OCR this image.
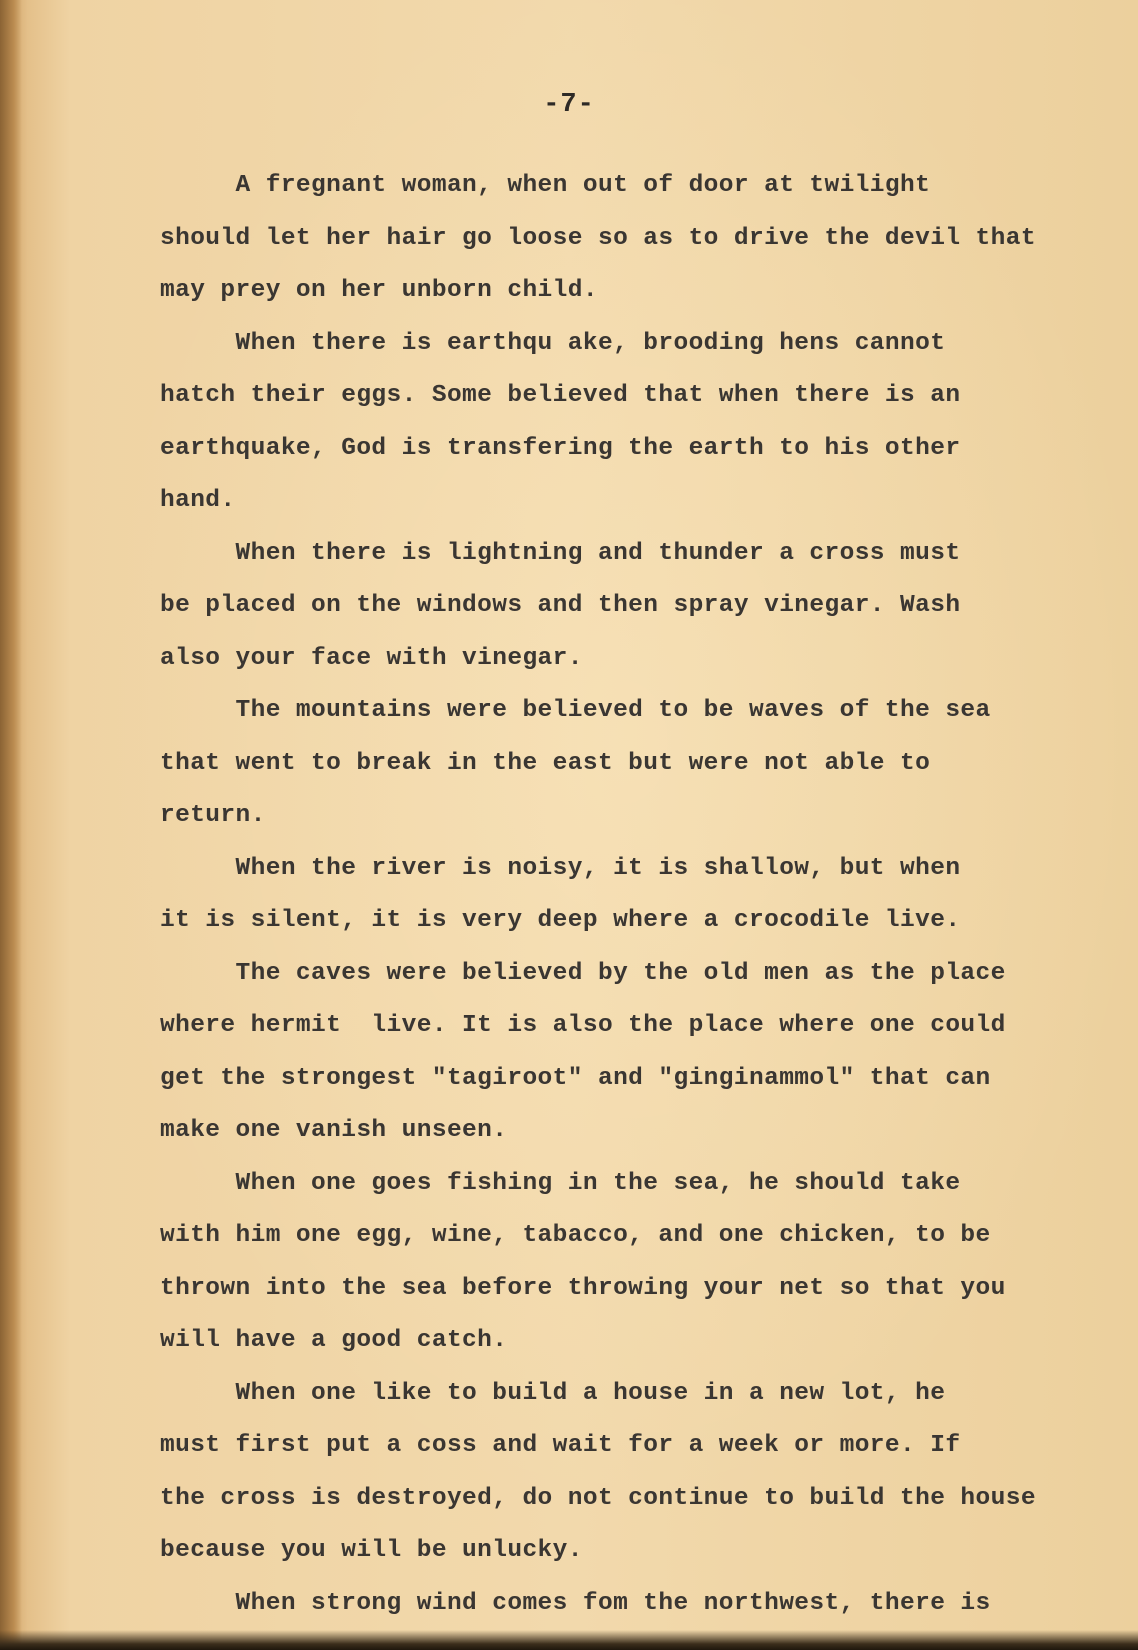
-7-
A fregnant woman, when out of door at twilight
should let her hair go loose so as to drive the devil that
may prey on her unborn child.
When there is earthqu ake, brooding hens cannot
hatch their eggs. Some believed that when there is an
earthquake, God is transfering the earth to his other
hand.
When there is lightning and thunder a cross must
be placed on the windows and then spray vinegar. Wash
also your face with vinegar.
The mountains were believed to be waves of the sea
that went to break in the east but were not able to
return.
When the river is noisy, it is shallow, but when
it is silent, it is very deep where a crocodile live.
The caves were believed by the old men as the place
where hermit  live. It is also the place where one could
get the strongest "tagiroot" and "ginginammol" that can
make one vanish unseen.
When one goes fishing in the sea, he should take
with him one egg, wine, tabacco, and one chicken, to be
thrown into the sea before throwing your net so that you
will have a good catch.
When one like to build a house in a new lot, he
must first put a coss and wait for a week or more. If
the cross is destroyed, do not continue to build the house
because you will be unlucky.
When strong wind comes fom the northwest, there is
